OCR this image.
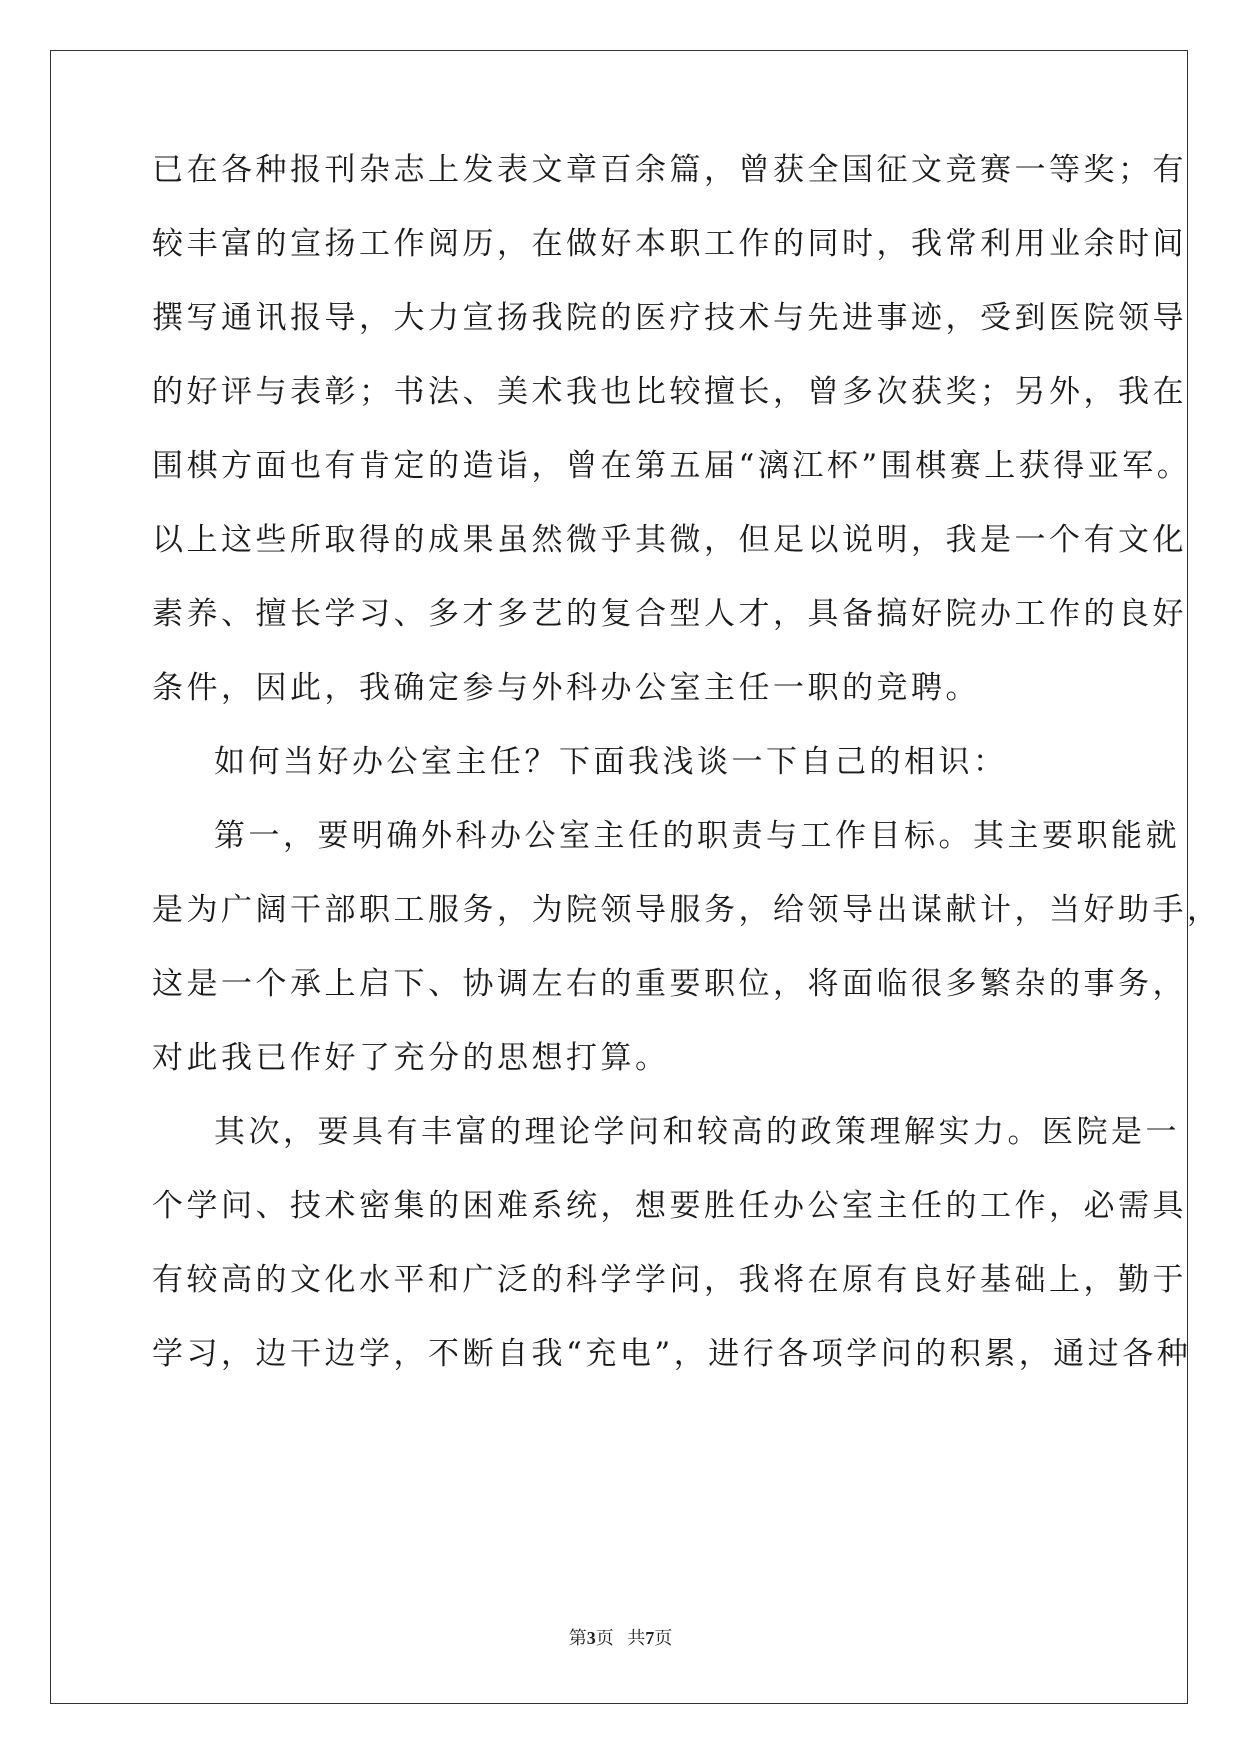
已在各种报刊杂志上发表文章百余篇，曾获全国征文竞赛一等奖；有
较丰富的宣扬工作阅历，在做好本职工作的同时，我常利用业余时间
撰写通讯报导，大力宣扬我院的医疗技术与先进事迹，受到医院领导
的好评与表彰；书法、美术我也比较擅长，曾多次获奖；另外，我在
围棋方面也有肯定的造诣，曾在第五届“漓江杯”围棋赛上获得亚军。
以上这些所取得的成果虽然微乎其微，但足以说明，我是一个有文化
素养、擅长学习、多才多艺的复合型人才，具备搞好院办工作的良好
条件，因此，我确定参与外科办公室主任一职的竞聘。
如何当好办公室主任？下面我浅谈一下自己的相识：
第一，要明确外科办公室主任的职责与工作目标。其主要职能就
是为广阔干部职工服务，为院领导服务，给领导出谋献计，当好助手，
这是一个承上启下、协调左右的重要职位，将面临很多繁杂的事务，
对此我已作好了充分的思想打算。
其次，要具有丰富的理论学问和较高的政策理解实力。医院是一
个学问、技术密集的困难系统，想要胜任办公室主任的工作，必需具
有较高的文化水平和广泛的科学学问，我将在原有良好基础上，勤于
学习，边干边学，不断自我“充电”，进行各项学问的积累，通过各种
第3页 共7页
